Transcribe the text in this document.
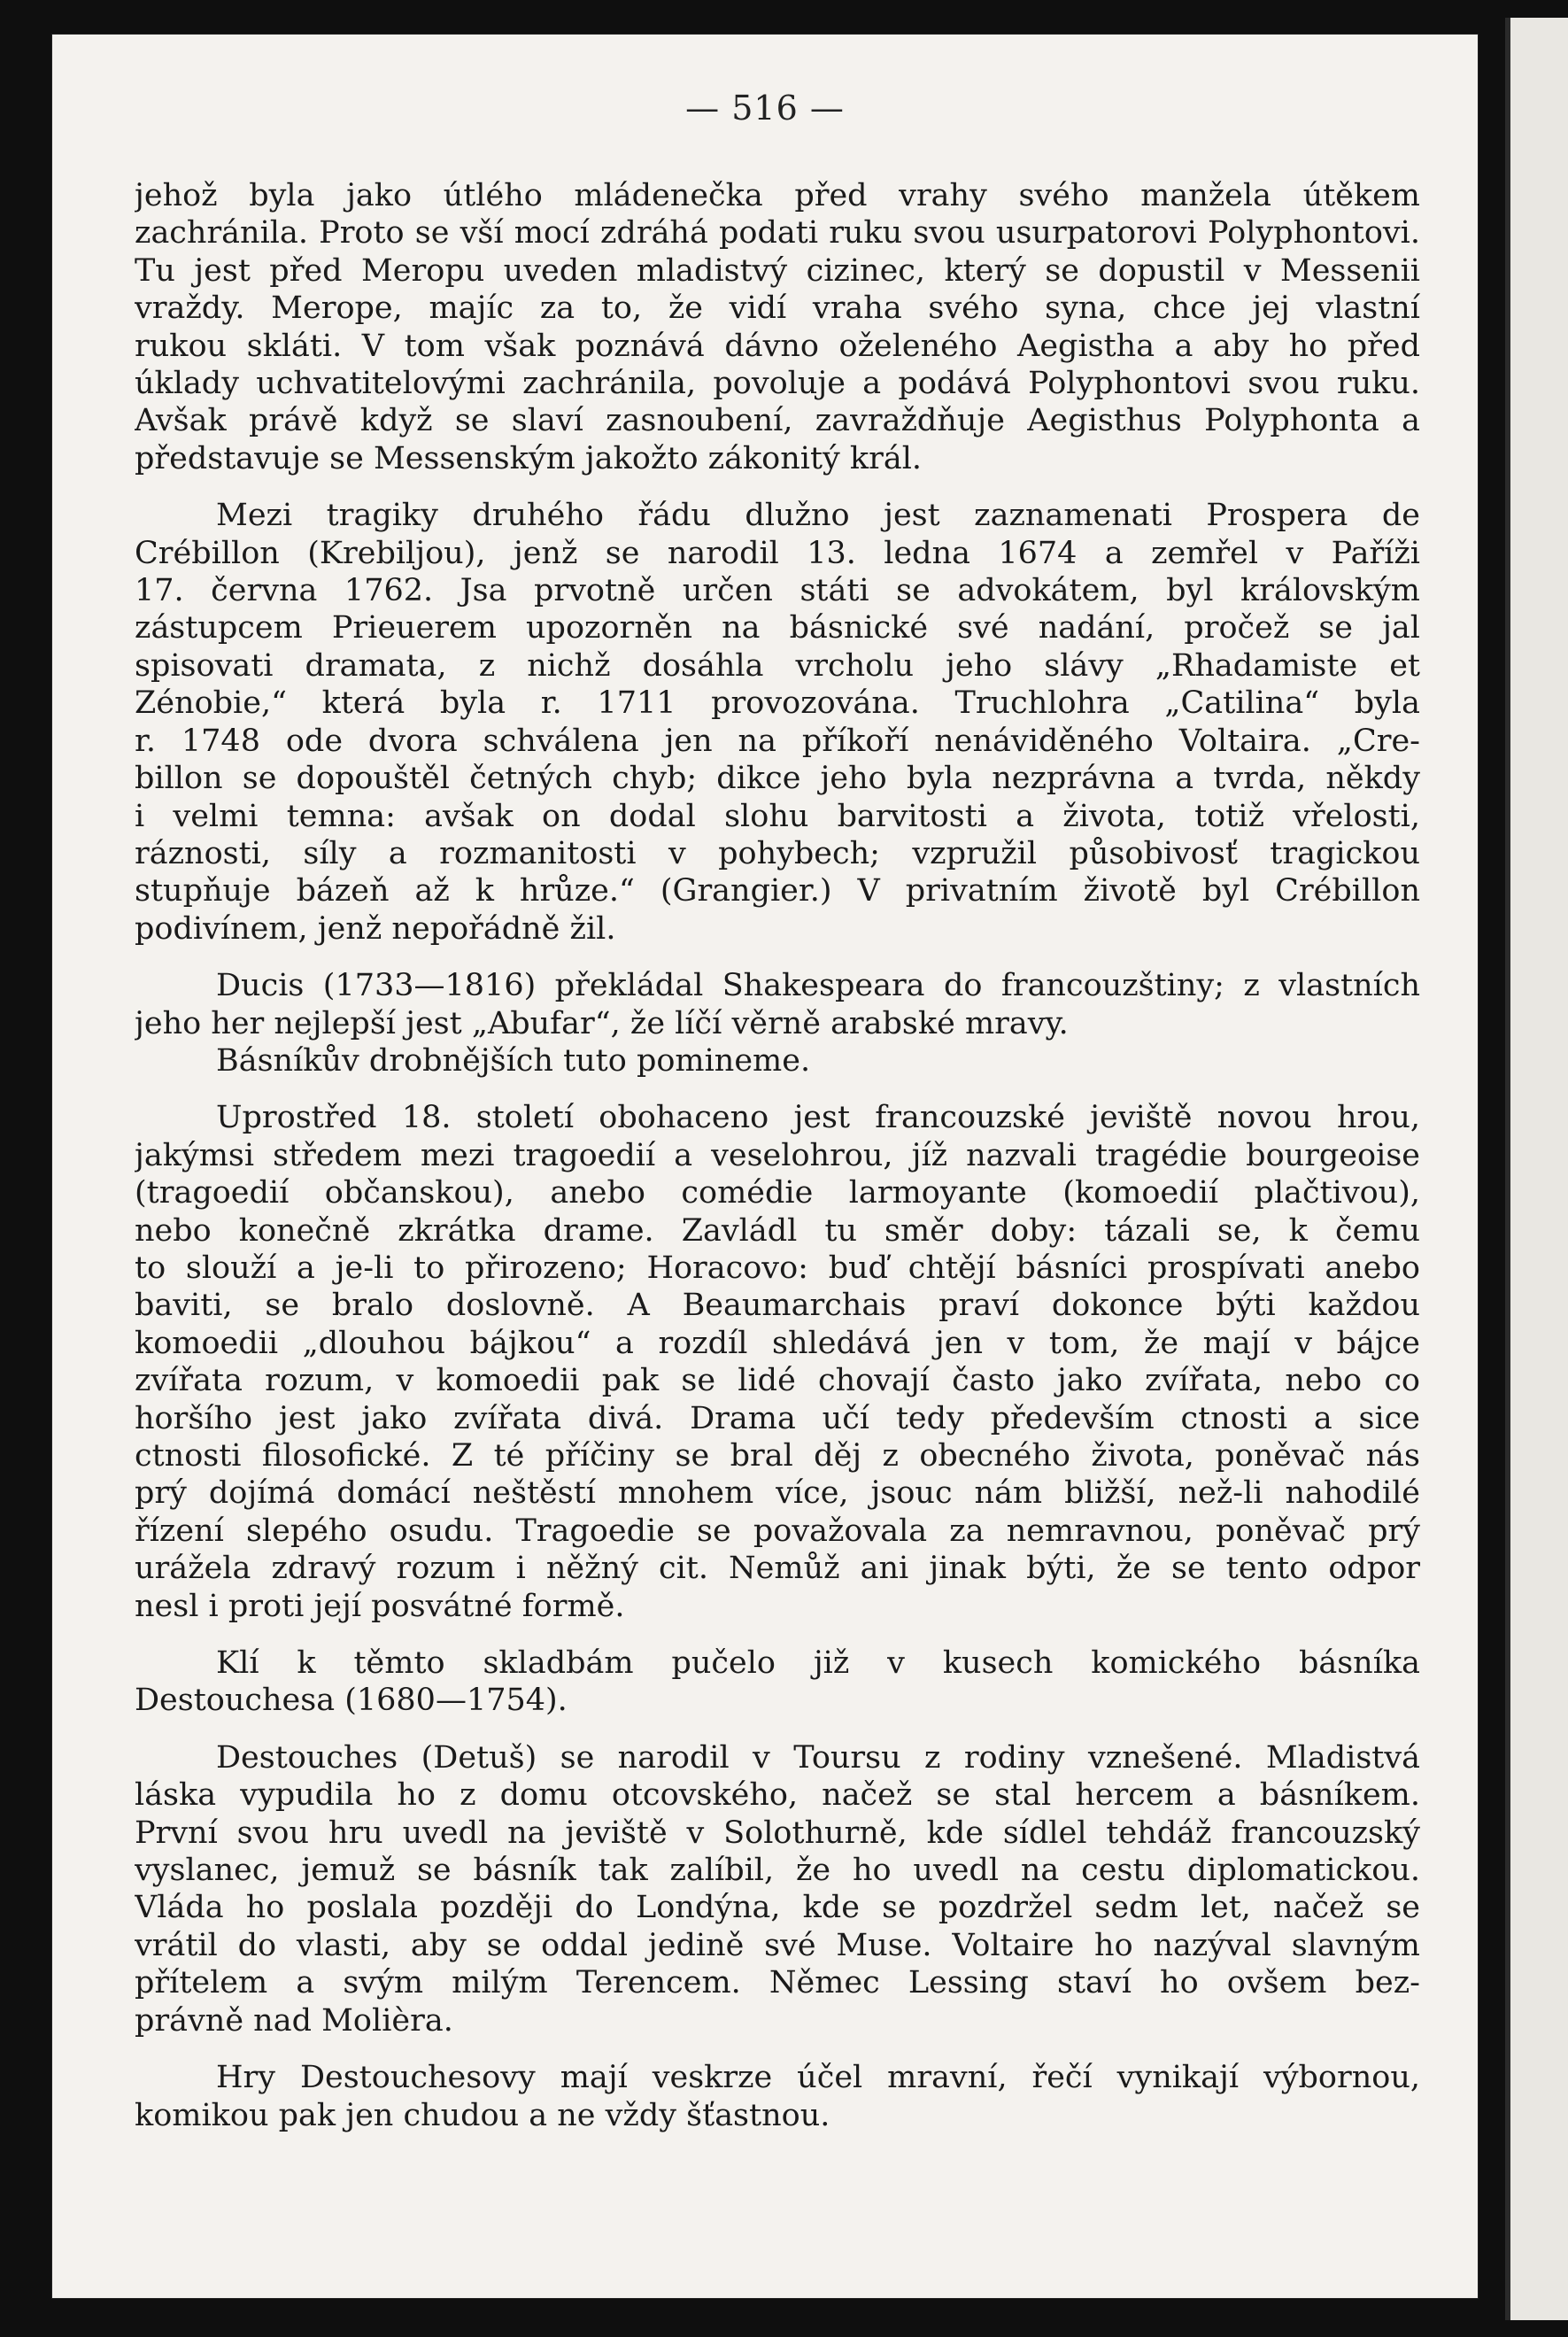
— 516 —
jehož byla jako útlého mládenečka před vrahy svého manžela útěkem
zachránila. Proto se vší mocí zdráhá podati ruku svou usurpatorovi Polyphontovi.
Tu jest před Meropu uveden mladistvý cizinec, který se dopustil v Messenii
vraždy. Merope, majíc za to, že vidí vraha svého syna, chce jej vlastní
rukou skláti. V tom však poznává dávno oželeného Aegistha a aby ho před
úklady uchvatitelovými zachránila, povoluje a podává Polyphontovi svou ruku.
Avšak právě když se slaví zasnoubení, zavraždňuje Aegisthus Polyphonta a
představuje se Messenským jakožto zákonitý král.
Mezi tragiky druhého řádu dlužno jest zaznamenati Prospera de
Crébillon (Krebiljou), jenž se narodil 13. ledna 1674 a zemřel v Paříži
17. června 1762. Jsa prvotně určen státi se advokátem, byl královským
zástupcem Prieuerem upozorněn na básnické své nadání, pročež se jal
spisovati dramata, z nichž dosáhla vrcholu jeho slávy „Rhadamiste et
Zénobie,“ která byla r. 1711 provozována. Truchlohra „Catilina“ byla
r. 1748 ode dvora schválena jen na příkoří nenáviděného Voltaira. „Cre-
billon se dopouštěl četných chyb; dikce jeho byla nezprávna a tvrda, někdy
i velmi temna: avšak on dodal slohu barvitosti a života, totiž vřelosti,
ráznosti, síly a rozmanitosti v pohybech; vzpružil působivosť tragickou
stupňuje bázeň až k hrůze.“ (Grangier.) V privatním životě byl Crébillon
podivínem, jenž nepořádně žil.
Ducis (1733—1816) překládal Shakespeara do francouzštiny; z vlastních
jeho her nejlepší jest „Abufar“, že líčí věrně arabské mravy.
Básníkův drobnějších tuto pomineme.
Uprostřed 18. století obohaceno jest francouzské jeviště novou hrou,
jakýmsi středem mezi tragoedií a veselohrou, jíž nazvali tragédie bourgeoise
(tragoedií občanskou), anebo comédie larmoyante (komoedií plačtivou),
nebo konečně zkrátka drame. Zavládl tu směr doby: tázali se, k čemu
to slouží a je-li to přirozeno; Horacovo: buď chtějí básníci prospívati anebo
baviti, se bralo doslovně. A Beaumarchais praví dokonce býti každou
komoedii „dlouhou bájkou“ a rozdíl shledává jen v tom, že mají v bájce
zvířata rozum, v komoedii pak se lidé chovají často jako zvířata, nebo co
horšího jest jako zvířata divá. Drama učí tedy především ctnosti a sice
ctnosti filosofické. Z té příčiny se bral děj z obecného života, poněvač nás
prý dojímá domácí neštěstí mnohem více, jsouc nám bližší, než-li nahodilé
řízení slepého osudu. Tragoedie se považovala za nemravnou, poněvač prý
urážela zdravý rozum i něžný cit. Nemůž ani jinak býti, že se tento odpor
nesl i proti její posvátné formě.
Klí k těmto skladbám pučelo již v kusech komického básníka
Destouchesa (1680—1754).
Destouches (Detuš) se narodil v Toursu z rodiny vznešené. Mladistvá
láska vypudila ho z domu otcovského, načež se stal hercem a básníkem.
První svou hru uvedl na jeviště v Solothurně, kde sídlel tehdáž francouzský
vyslanec, jemuž se básník tak zalíbil, že ho uvedl na cestu diplomatickou.
Vláda ho poslala později do Londýna, kde se pozdržel sedm let, načež se
vrátil do vlasti, aby se oddal jedině své Muse. Voltaire ho nazýval slavným
přítelem a svým milým Terencem. Němec Lessing staví ho ovšem bez-
právně nad Molièra.
Hry Destouchesovy mají veskrze účel mravní, řečí vynikají výbornou,
komikou pak jen chudou a ne vždy šťastnou.
